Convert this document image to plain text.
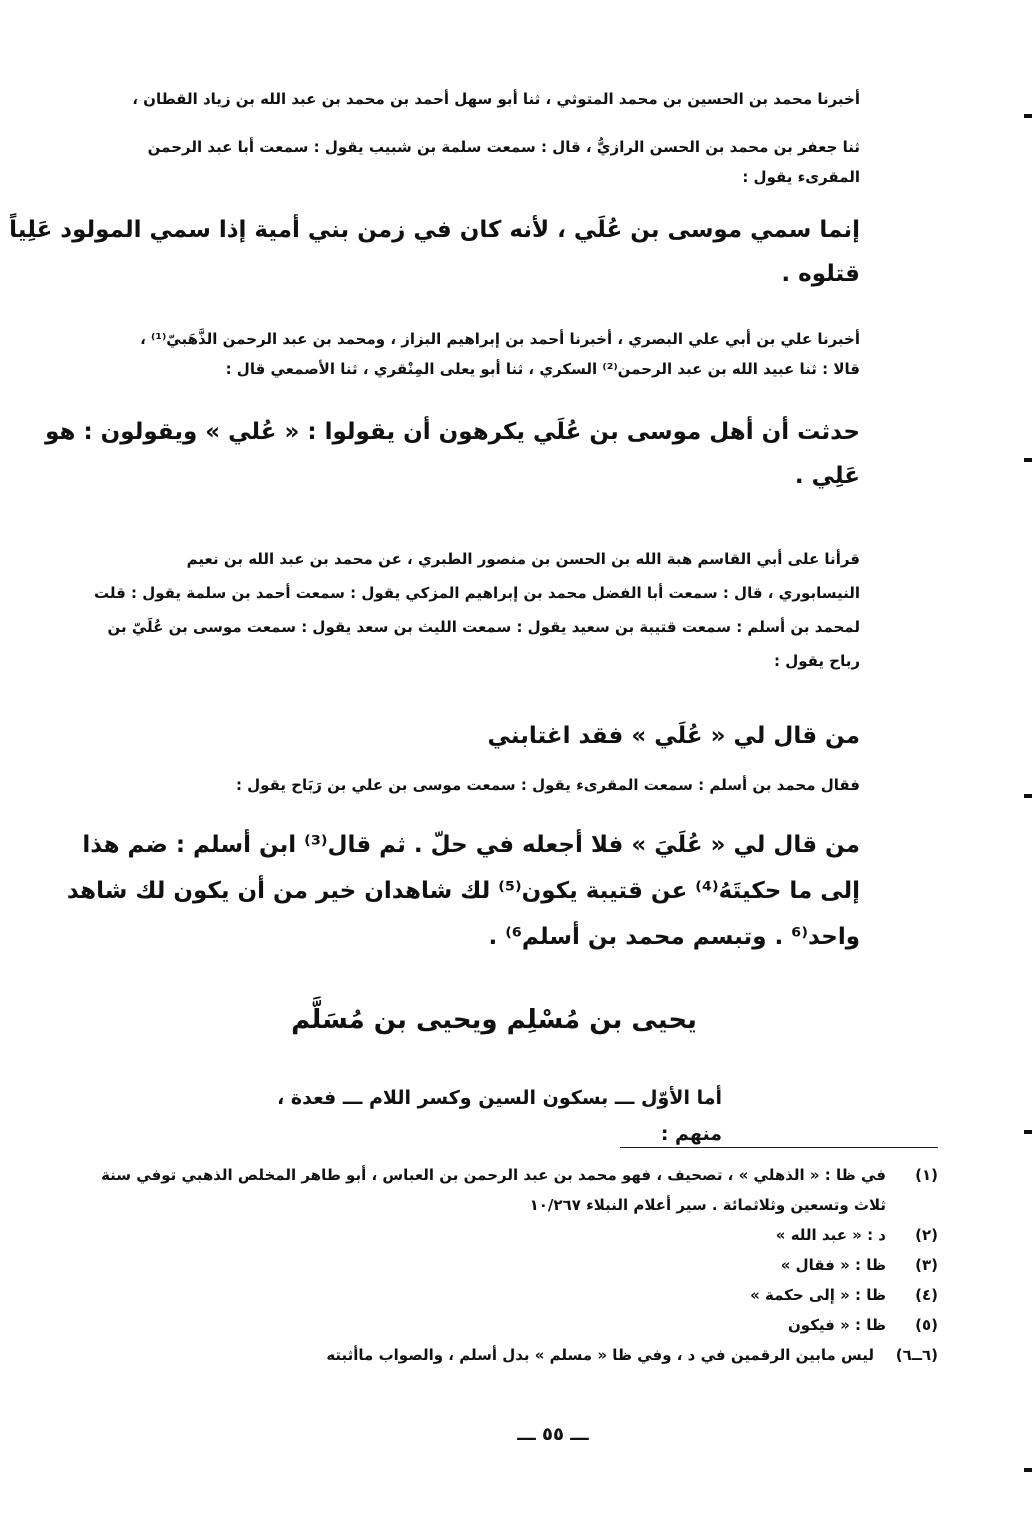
أخبرنا محمد بن الحسين بن محمد المتوثي ، ثنا أبو سهل أحمد بن محمد بن عبد الله بن زياد القطان ،
ثنا جعفر بن محمد بن الحسن الرازيُّ ، قال : سمعت سلمة بن شبيب يقول : سمعت أبا عبد الرحمن
المقرىء يقول :
إنما سمي موسى بن عُلَي ، لأنه كان في زمن بني أمية إذا سمي المولود عَلِياً
قتلوه .
أخبرنا علي بن أبي علي البصري ، أخبرنا أحمد بن إبراهيم البزاز ، ومحمد بن عبد الرحمن الذَّهَبيّ⁽¹⁾ ،
قالا : ثنا عبيد الله بن عبد الرحمن⁽²⁾ السكري ، ثنا أبو يعلى المِنْقري ، ثنا الأصمعي قال :
حدثت أن أهل موسى بن عُلَي يكرهون أن يقولوا : « عُلي » ويقولون : هو
عَلِي .
قرأنا على أبي القاسم هبة الله بن الحسن بن منصور الطبري ، عن محمد بن عبد الله بن نعيم
النيسابوري ، قال : سمعت أبا الفضل محمد بن إبراهيم المزكي يقول : سمعت أحمد بن سلمة يقول : قلت
لمحمد بن أسلم : سمعت قتيبة بن سعيد يقول : سمعت الليث بن سعد يقول : سمعت موسى بن عُلَيّ بن
رباح يقول :
من قال لي « عُلَي » فقد اغتابني
فقال محمد بن أسلم : سمعت المقرىء يقول : سمعت موسى بن علي بن رَبَاح يقول :
من قال لي « عُلَيَ » فلا أجعله في حلّ . ثم قال⁽³⁾ ابن أسلم : ضم هذا
إلى ما حكيتَهُ⁽⁴⁾ عن قتيبة يكون⁽⁵⁾ لك شاهدان خير من أن يكون لك شاهد
واحد⁽⁶ . وتبسم محمد بن أسلم⁶⁾ .
يحيى بن مُسْلِم ويحيى بن مُسَلَّم
أما الأوّل ـــ بسكون السين وكسر اللام ـــ فعدة ، منهم :
(١)
في ظا : « الذهلي » ، تصحيف ، فهو محمد بن عبد الرحمن بن العباس ، أبو طاهر المخلص الذهبي توفي سنة
ثلاث وتسعين وثلاثمائة . سير أعلام النبلاء ١٠/٢٦٧
(٢)
د : « عبد الله »
(٣)
ظا : « فقال »
(٤)
ظا : « إلى حكمة »
(٥)
ظا : « فيكون
(٦ــ٦)
ليس مابين الرقمين في د ، وفي ظا « مسلم » بدل أسلم ، والصواب ماأثبته
ـــ ٥٥ ـــ
